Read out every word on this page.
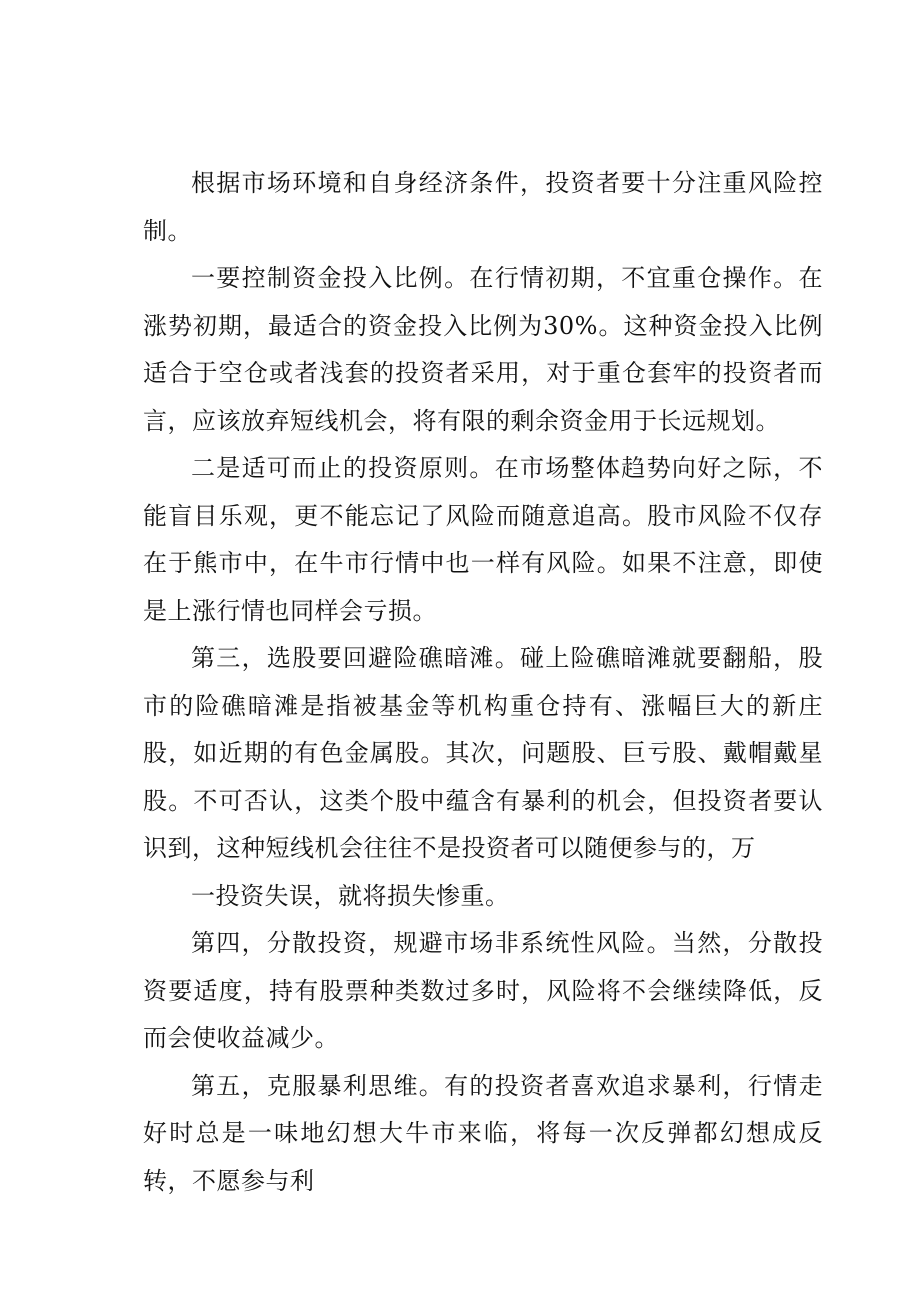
根据市场环境和自身经济条件，投资者要十分注重风险控制。

一要控制资金投入比例。在行情初期，不宜重仓操作。在涨势初期，最适合的资金投入比例为30%。这种资金投入比例适合于空仓或者浅套的投资者采用，对于重仓套牢的投资者而言，应该放弃短线机会，将有限的剩余资金用于长远规划。

二是适可而止的投资原则。在市场整体趋势向好之际，不能盲目乐观，更不能忘记了风险而随意追高。股市风险不仅存在于熊市中，在牛市行情中也一样有风险。如果不注意，即使是上涨行情也同样会亏损。

第三，选股要回避险礁暗滩。碰上险礁暗滩就要翻船，股市的险礁暗滩是指被基金等机构重仓持有、涨幅巨大的新庄股，如近期的有色金属股。其次，问题股、巨亏股、戴帽戴星股。不可否认，这类个股中蕴含有暴利的机会，但投资者要认识到，这种短线机会往往不是投资者可以随便参与的，万

一投资失误，就将损失惨重。

第四，分散投资，规避市场非系统性风险。当然，分散投资要适度，持有股票种类数过多时，风险将不会继续降低，反而会使收益减少。

第五，克服暴利思维。有的投资者喜欢追求暴利，行情走好时总是一味地幻想大牛市来临，将每一次反弹都幻想成反转，不愿参与利
